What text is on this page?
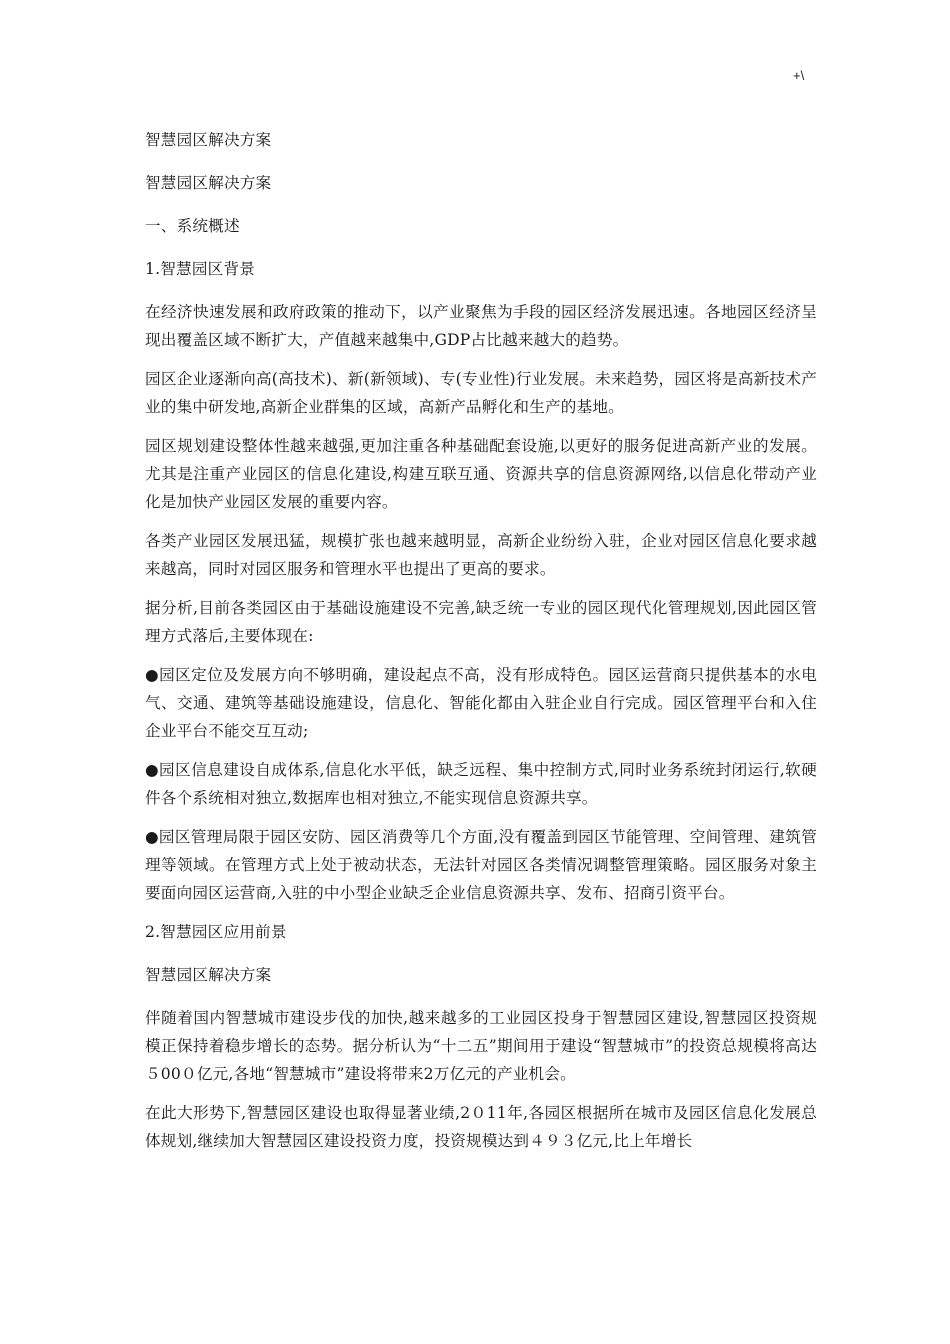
+\

智慧园区解决方案

智慧园区解决方案

一、系统概述

1.智慧园区背景

在经济快速发展和政府政策的推动下，以产业聚焦为手段的园区经济发展迅速。各地园区经济呈现出覆盖区域不断扩大，产值越来越集中,GDP占比越来越大的趋势。

园区企业逐渐向高(高技术)、新(新领域)、专(专业性)行业发展。未来趋势，园区将是高新技术产业的集中研发地,高新企业群集的区域，高新产品孵化和生产的基地。

园区规划建设整体性越来越强,更加注重各种基础配套设施,以更好的服务促进高新产业的发展。尤其是注重产业园区的信息化建设,构建互联互通、资源共享的信息资源网络,以信息化带动产业化是加快产业园区发展的重要内容。

各类产业园区发展迅猛，规模扩张也越来越明显，高新企业纷纷入驻，企业对园区信息化要求越来越高，同时对园区服务和管理水平也提出了更高的要求。

据分析,目前各类园区由于基础设施建设不完善,缺乏统一专业的园区现代化管理规划,因此园区管理方式落后,主要体现在:

●园区定位及发展方向不够明确，建设起点不高，没有形成特色。园区运营商只提供基本的水电气、交通、建筑等基础设施建设，信息化、智能化都由入驻企业自行完成。园区管理平台和入住企业平台不能交互互动;

●园区信息建设自成体系,信息化水平低，缺乏远程、集中控制方式,同时业务系统封闭运行,软硬件各个系统相对独立,数据库也相对独立,不能实现信息资源共享。

●园区管理局限于园区安防、园区消费等几个方面,没有覆盖到园区节能管理、空间管理、建筑管理等领域。在管理方式上处于被动状态，无法针对园区各类情况调整管理策略。园区服务对象主要面向园区运营商,入驻的中小型企业缺乏企业信息资源共享、发布、招商引资平台。

2.智慧园区应用前景

智慧园区解决方案

伴随着国内智慧城市建设步伐的加快,越来越多的工业园区投身于智慧园区建设,智慧园区投资规模正保持着稳步增长的态势。据分析认为“十二五”期间用于建设“智慧城市”的投资总规模将高达５00０亿元,各地“智慧城市”建设将带来2万亿元的产业机会。

在此大形势下,智慧园区建设也取得显著业绩,2０11年,各园区根据所在城市及园区信息化发展总体规划,继续加大智慧园区建设投资力度，投资规模达到４９３亿元,比上年增长
